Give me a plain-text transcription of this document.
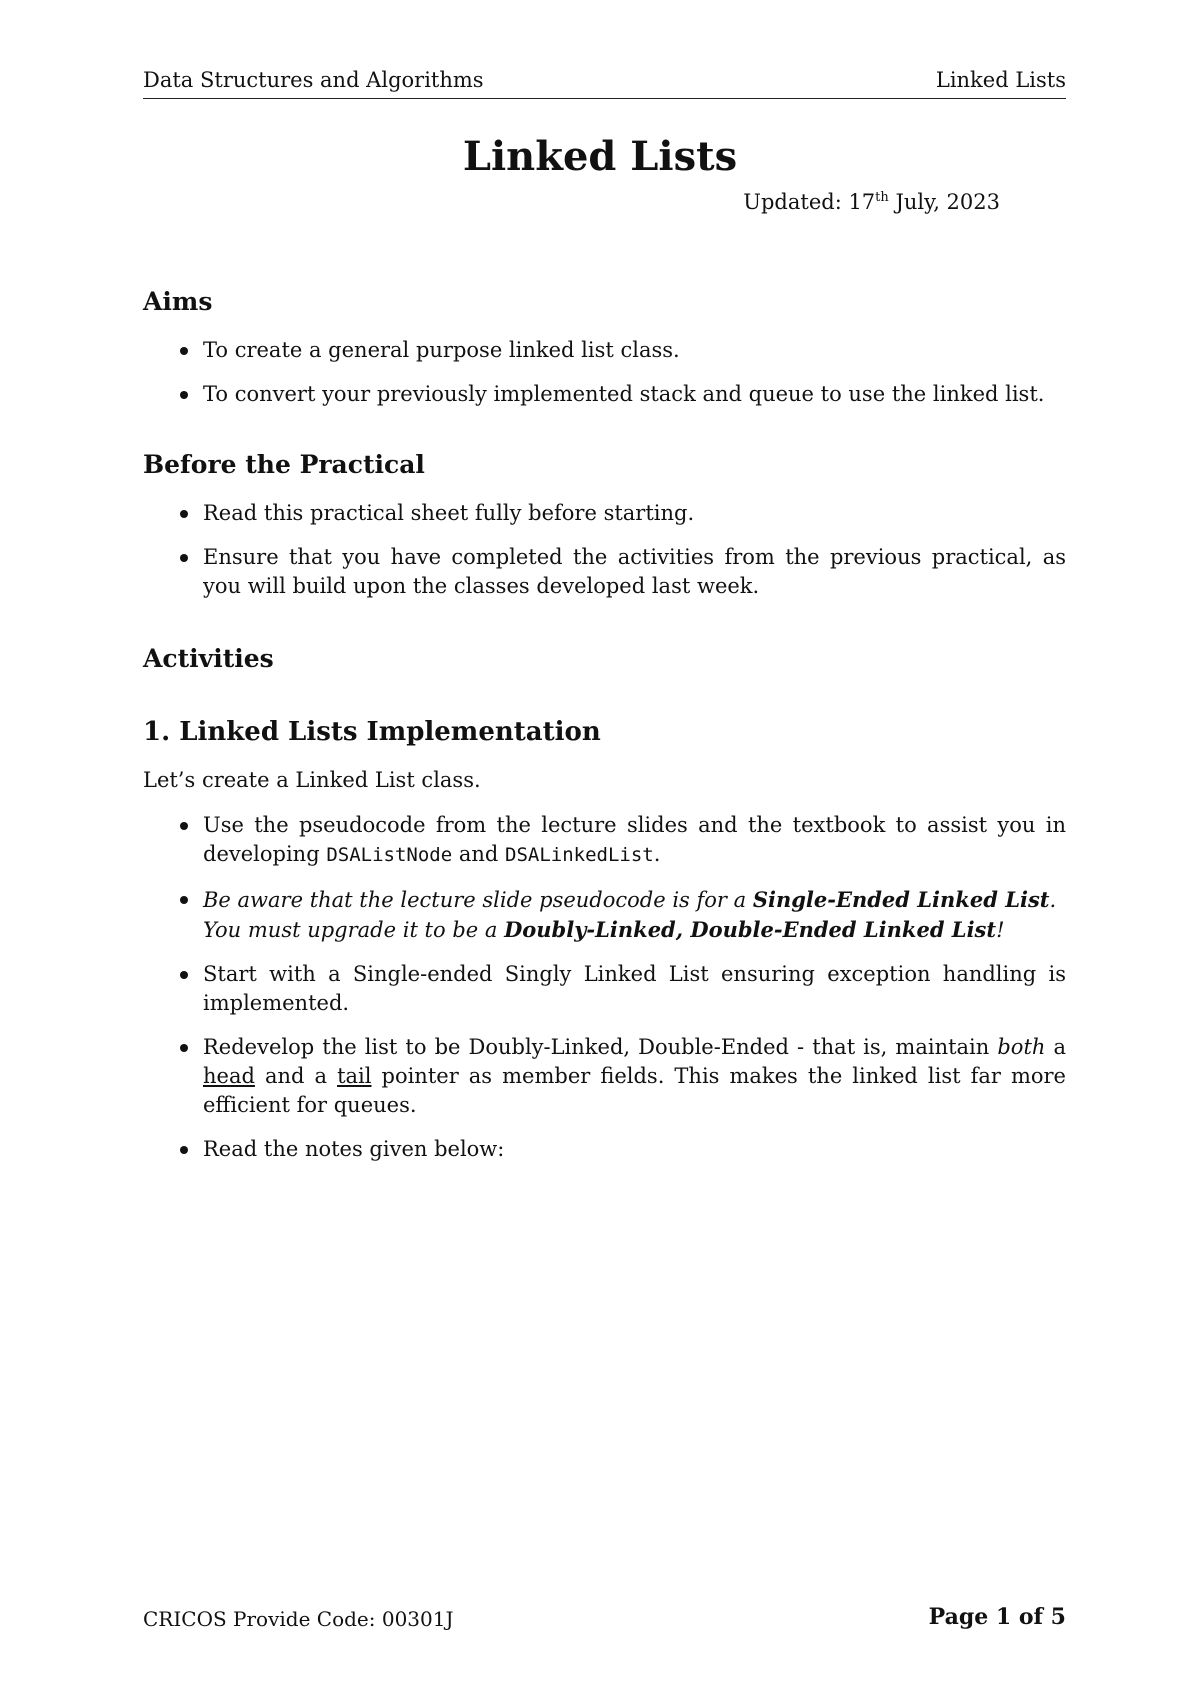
Data Structures and Algorithms	Linked Lists
Linked Lists
Updated: 17th July, 2023
Aims
To create a general purpose linked list class.
To convert your previously implemented stack and queue to use the linked list.
Before the Practical
Read this practical sheet fully before starting.
Ensure that you have completed the activities from the previous practical, as you will build upon the classes developed last week.
Activities
1. Linked Lists Implementation
Let’s create a Linked List class.
Use the pseudocode from the lecture slides and the textbook to assist you in developing DSAListNode and DSALinkedList.
Be aware that the lecture slide pseudocode is for a Single-Ended Linked List.
You must upgrade it to be a Doubly-Linked, Double-Ended Linked List!
Start with a Single-ended Singly Linked List ensuring exception handling is implemented.
Redevelop the list to be Doubly-Linked, Double-Ended - that is, maintain both a head and a tail pointer as member fields. This makes the linked list far more efficient for queues.
Read the notes given below:
CRICOS Provide Code: 00301J	Page 1 of 5
